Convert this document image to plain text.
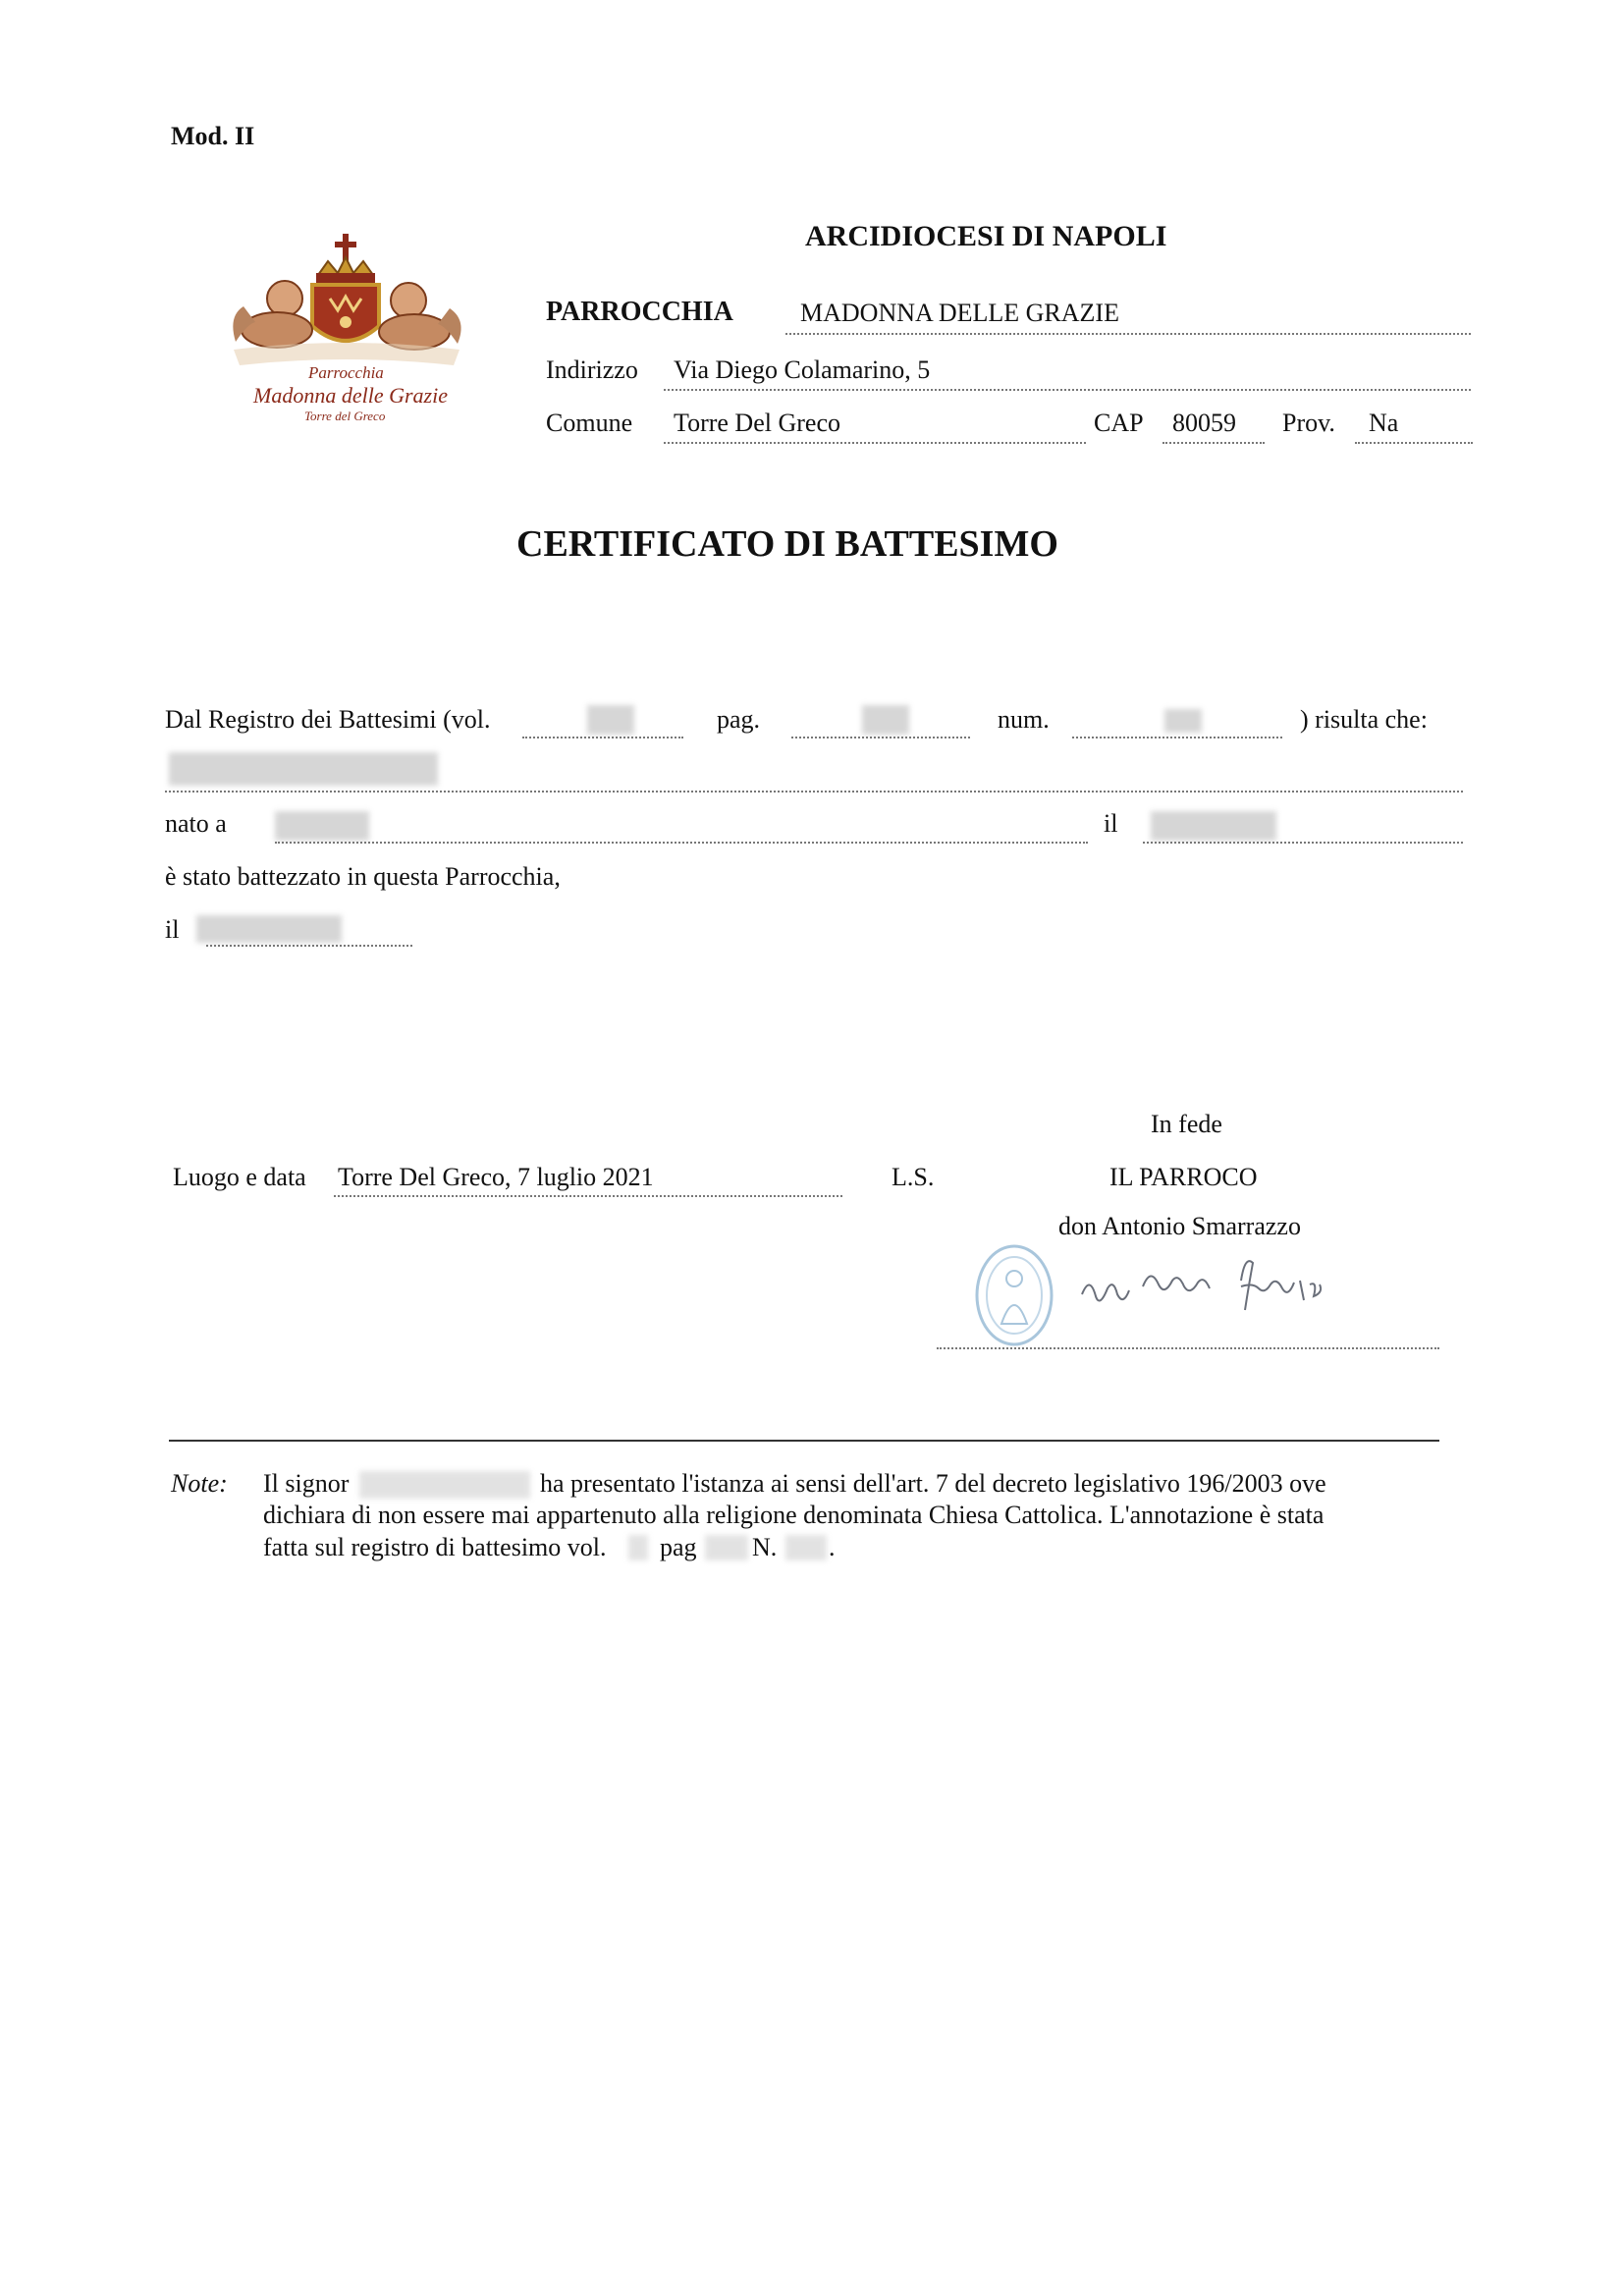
Mod. II
Parrocchia
Madonna delle Grazie
Torre del Greco
ARCIDIOCESI DI NAPOLI
PARROCCHIA	MADONNA DELLE GRAZIE
Indirizzo Via Diego Colamarino, 5
Comune Torre Del Greco	CAP 80059 Prov. Na
CERTIFICATO DI BATTESIMO
Dal Registro dei Battesimi (vol.	pag.	num.	) risulta che:
nato a	il
è stato battezzato in questa Parrocchia,
il
In fede
Luogo e data Torre Del Greco, 7 luglio 2021	L.S.	IL PARROCO
don Antonio Smarrazzo
Note: Il signor	ha presentato l'istanza ai sensi dell'art. 7 del decreto legislativo 196/2003 ove
dichiara di non essere mai appartenuto alla religione denominata Chiesa Cattolica. L'annotazione è stata
fatta sul registro di battesimo vol. pag N. .
